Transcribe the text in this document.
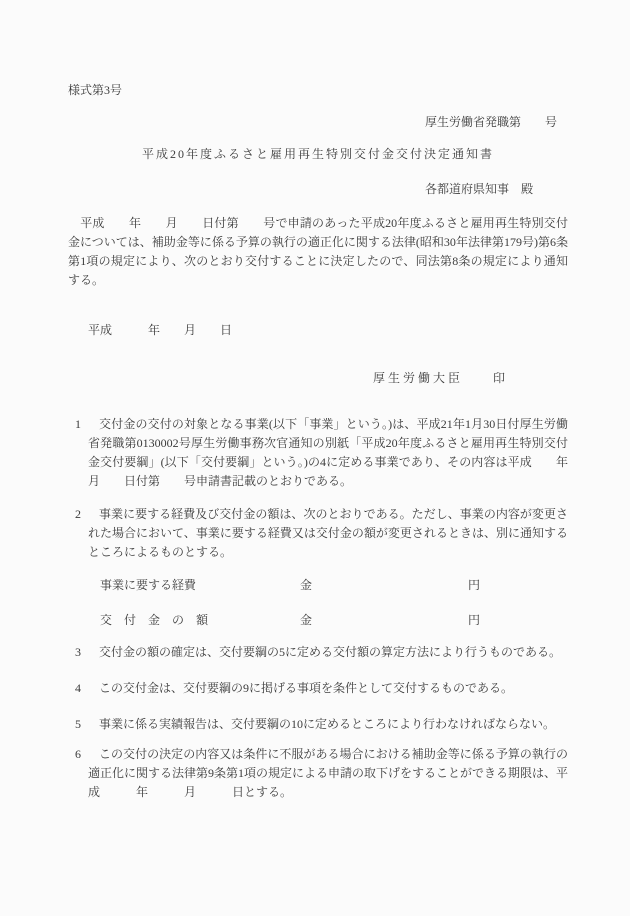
様式第3号
厚生労働省発職第　　号
平成20年度ふるさと雇用再生特別交付金交付決定通知書
各都道府県知事　殿

　平成　　年　　月　　日付第　　号で申請のあった平成20年度ふるさと雇用再生特別交付金については、補助金等に係る予算の執行の適正化に関する法律(昭和30年法律第179号)第6条第1項の規定により、次のとおり交付することに決定したので、同法第8条の規定により通知する。

平成　　　年　　月　　日
厚 生 労 働 大 臣	印
1 交付金の交付の対象となる事業(以下「事業」という。)は、平成21年1月30日付厚生労働省発職第0130002号厚生労働事務次官通知の別紙「平成20年度ふるさと雇用再生特別交付金交付要綱」(以下「交付要綱」という。)の4に定める事業であり、その内容は平成　　年　　月　　日付第　　号申請書記載のとおりである。
2 事業に要する経費及び交付金の額は、次のとおりである。ただし、事業の内容が変更された場合において、事業に要する経費又は交付金の額が変更されるときは、別に通知するところによるものとする。
事業に要する経費	金	円
交　付　金　の　額	金	円
3 交付金の額の確定は、交付要綱の5に定める交付額の算定方法により行うものである。
4 この交付金は、交付要綱の9に掲げる事項を条件として交付するものである。
5 事業に係る実績報告は、交付要綱の10に定めるところにより行わなければならない。
6 この交付の決定の内容又は条件に不服がある場合における補助金等に係る予算の執行の適正化に関する法律第9条第1項の規定による申請の取下げをすることができる期限は、平成　　　年　　　月　　　日とする。
